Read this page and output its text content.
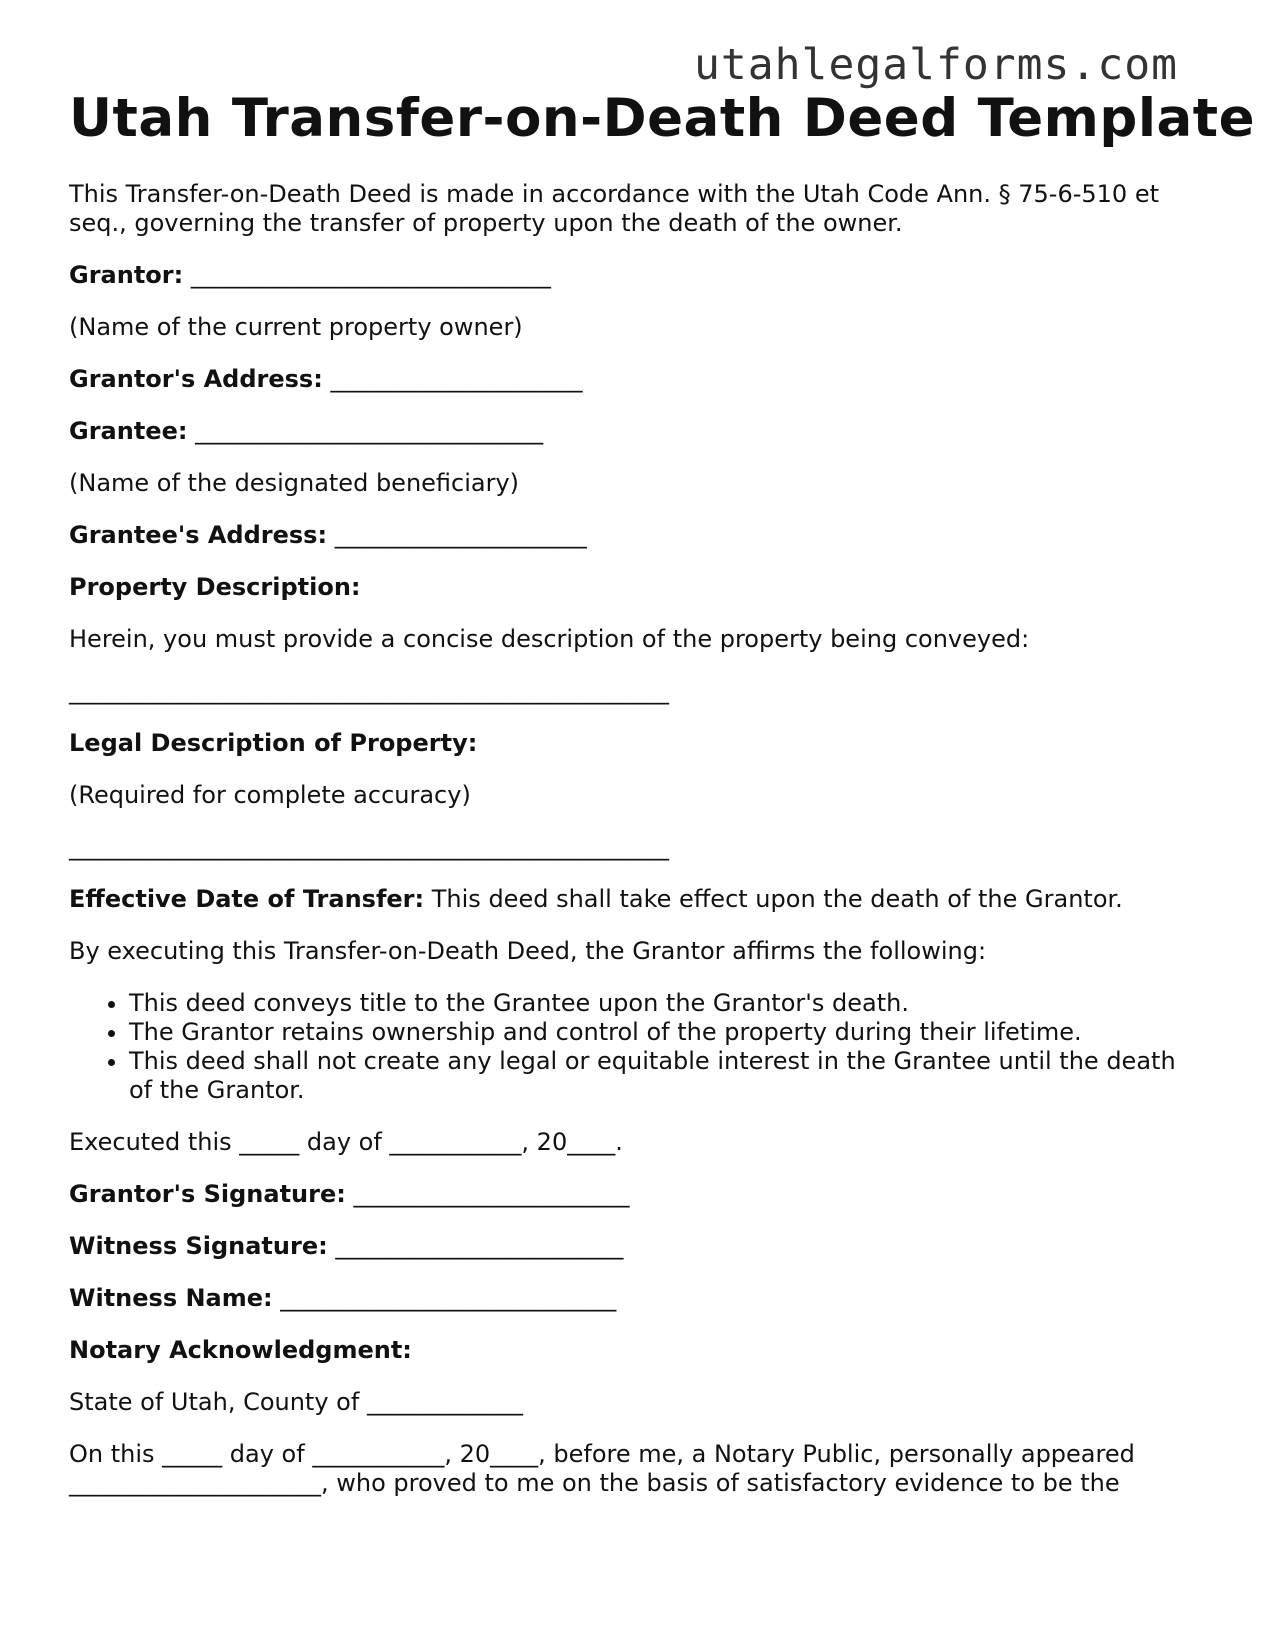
utahlegalforms.com
Utah Transfer-on-Death Deed Template

This Transfer-on-Death Deed is made in accordance with the Utah Code Ann. § 75-6-510 et seq., governing the transfer of property upon the death of the owner.

Grantor: ______________________________

(Name of the current property owner)

Grantor's Address: _____________________

Grantee: _____________________________

(Name of the designated beneficiary)

Grantee's Address: _____________________

Property Description:

Herein, you must provide a concise description of the property being conveyed:

__________________________________________________

Legal Description of Property:

(Required for complete accuracy)

__________________________________________________

Effective Date of Transfer: This deed shall take effect upon the death of the Grantor.

By executing this Transfer-on-Death Deed, the Grantor affirms the following:

• This deed conveys title to the Grantee upon the Grantor's death.
• The Grantor retains ownership and control of the property during their lifetime.
• This deed shall not create any legal or equitable interest in the Grantee until the death of the Grantor.

Executed this _____ day of ___________, 20____.

Grantor's Signature: _______________________

Witness Signature: ________________________

Witness Name: ____________________________

Notary Acknowledgment:

State of Utah, County of _____________

On this _____ day of ___________, 20____, before me, a Notary Public, personally appeared _____________________, who proved to me on the basis of satisfactory evidence to be the
